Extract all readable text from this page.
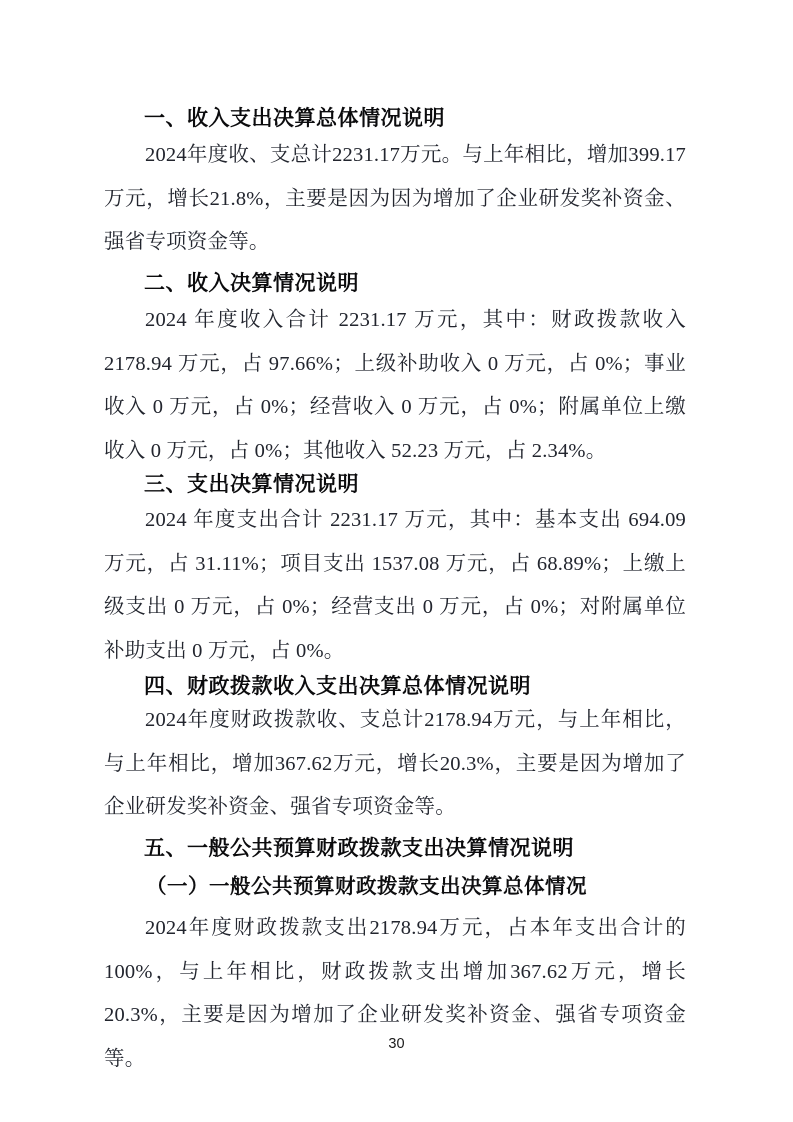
一、收入支出决算总体情况说明
2024年度收、支总计2231.17万元。与上年相比，增加399.17万元，增长21.8%，主要是因为因为增加了企业研发奖补资金、强省专项资金等。
二、收入决算情况说明
2024 年度收入合计 2231.17 万元，其中：财政拨款收入 2178.94 万元，占 97.66%；上级补助收入 0 万元，占 0%；事业收入 0 万元，占 0%；经营收入 0 万元，占 0%；附属单位上缴收入 0 万元，占 0%；其他收入 52.23 万元，占 2.34%。
三、支出决算情况说明
2024 年度支出合计 2231.17 万元，其中：基本支出 694.09 万元，占 31.11%；项目支出 1537.08 万元，占 68.89%；上缴上级支出 0 万元，占 0%；经营支出 0 万元，占 0%；对附属单位补助支出 0 万元，占 0%。
四、财政拨款收入支出决算总体情况说明
2024年度财政拨款收、支总计2178.94万元，与上年相比，与上年相比，增加367.62万元，增长20.3%，主要是因为增加了企业研发奖补资金、强省专项资金等。
五、一般公共预算财政拨款支出决算情况说明
（一）一般公共预算财政拨款支出决算总体情况
2024年度财政拨款支出2178.94万元，占本年支出合计的100%，与上年相比，财政拨款支出增加367.62万元，增长20.3%，主要是因为增加了企业研发奖补资金、强省专项资金等。
30
